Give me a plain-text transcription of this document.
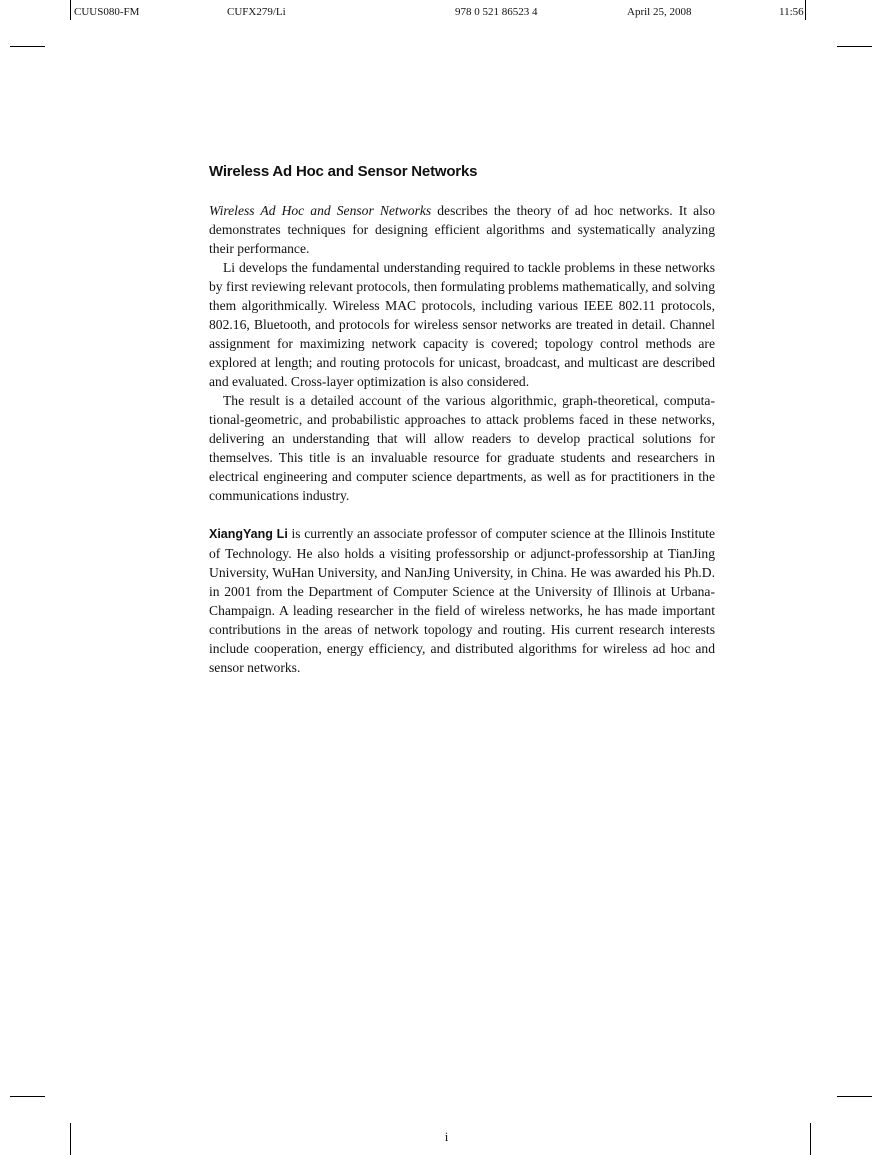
CUUS080-FM	CUFX279/Li	978 0 521 86523 4	April 25, 2008	11:56
Wireless Ad Hoc and Sensor Networks

Wireless Ad Hoc and Sensor Networks describes the theory of ad hoc networks. It also demonstrates techniques for designing efficient algorithms and systematically analyzing their performance.

Li develops the fundamental understanding required to tackle problems in these networks by first reviewing relevant protocols, then formulating problems mathematically, and solving them algorithmically. Wireless MAC protocols, including various IEEE 802.11 protocols, 802.16, Bluetooth, and protocols for wireless sensor networks are treated in detail. Channel assignment for maximizing network capacity is covered; topology control methods are explored at length; and routing protocols for unicast, broadcast, and multicast are described and evaluated. Cross-layer optimization is also considered.

The result is a detailed account of the various algorithmic, graph-theoretical, computational-geometric, and probabilistic approaches to attack problems faced in these networks, delivering an understanding that will allow readers to develop practical solutions for themselves. This title is an invaluable resource for graduate students and researchers in electrical engineering and computer science departments, as well as for practitioners in the communications industry.

XiangYang Li is currently an associate professor of computer science at the Illinois Institute of Technology. He also holds a visiting professorship or adjunct-professorship at TianJing University, WuHan University, and NanJing University, in China. He was awarded his Ph.D. in 2001 from the Department of Computer Science at the University of Illinois at Urbana-Champaign. A leading researcher in the field of wireless networks, he has made important contributions in the areas of network topology and routing. His current research interests include cooperation, energy efficiency, and distributed algorithms for wireless ad hoc and sensor networks.

i
